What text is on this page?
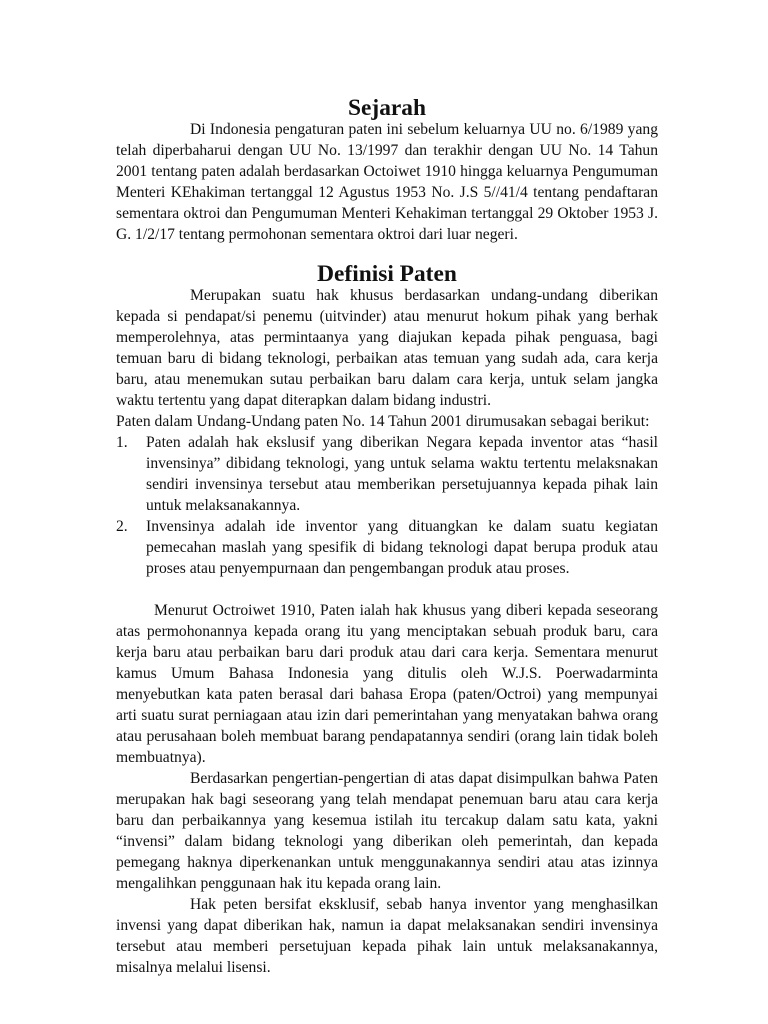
Sejarah

Di Indonesia pengaturan paten ini sebelum keluarnya UU no. 6/1989 yang telah diperbaharui dengan UU No. 13/1997 dan terakhir dengan UU No. 14 Tahun 2001 tentang paten adalah berdasarkan Octoiwet 1910 hingga keluarnya Pengumuman Menteri KEhakiman tertanggal 12 Agustus 1953 No. J.S 5//41/4 tentang pendaftaran sementara oktroi dan Pengumuman Menteri Kehakiman tertanggal 29 Oktober 1953 J. G. 1/2/17 tentang permohonan sementara oktroi dari luar negeri.

Definisi Paten

Merupakan suatu hak khusus berdasarkan undang-undang diberikan kepada si pendapat/si penemu (uitvinder) atau menurut hokum pihak yang berhak memperolehnya, atas permintaanya yang diajukan kepada pihak penguasa, bagi temuan baru di bidang teknologi, perbaikan atas temuan yang sudah ada, cara kerja baru, atau menemukan sutau perbaikan baru dalam cara kerja, untuk selam jangka waktu tertentu yang dapat diterapkan dalam bidang industri.

Paten dalam Undang-Undang paten No. 14 Tahun 2001 dirumusakan sebagai berikut:

1. Paten adalah hak ekslusif yang diberikan Negara kepada inventor atas “hasil invensinya” dibidang teknologi, yang untuk selama waktu tertentu melaksnakan sendiri invensinya tersebut atau memberikan persetujuannya kepada pihak lain untuk melaksanakannya.
2. Invensinya adalah ide inventor yang dituangkan ke dalam suatu kegiatan pemecahan maslah yang spesifik di bidang teknologi dapat berupa produk atau proses atau penyempurnaan dan pengembangan produk atau proses.

Menurut Octroiwet 1910, Paten ialah hak khusus yang diberi kepada seseorang atas permohonannya kepada orang itu yang menciptakan sebuah produk baru, cara kerja baru atau perbaikan baru dari produk atau dari cara kerja. Sementara menurut kamus Umum Bahasa Indonesia yang ditulis oleh W.J.S. Poerwadarminta menyebutkan kata paten berasal dari bahasa Eropa (paten/Octroi) yang mempunyai arti suatu surat perniagaan atau izin dari pemerintahan yang menyatakan bahwa orang atau perusahaan boleh membuat barang pendapatannya sendiri (orang lain tidak boleh membuatnya).

Berdasarkan pengertian-pengertian di atas dapat disimpulkan bahwa Paten merupakan hak bagi seseorang yang telah mendapat penemuan baru atau cara kerja baru dan perbaikannya yang kesemua istilah itu tercakup dalam satu kata, yakni “invensi” dalam bidang teknologi yang diberikan oleh pemerintah, dan kepada pemegang haknya diperkenankan untuk menggunakannya sendiri atau atas izinnya mengalihkan penggunaan hak itu kepada orang lain.

Hak peten bersifat eksklusif, sebab hanya inventor yang menghasilkan invensi yang dapat diberikan hak, namun ia dapat melaksanakan sendiri invensinya tersebut atau memberi persetujuan kepada pihak lain untuk melaksanakannya, misalnya melalui lisensi.
